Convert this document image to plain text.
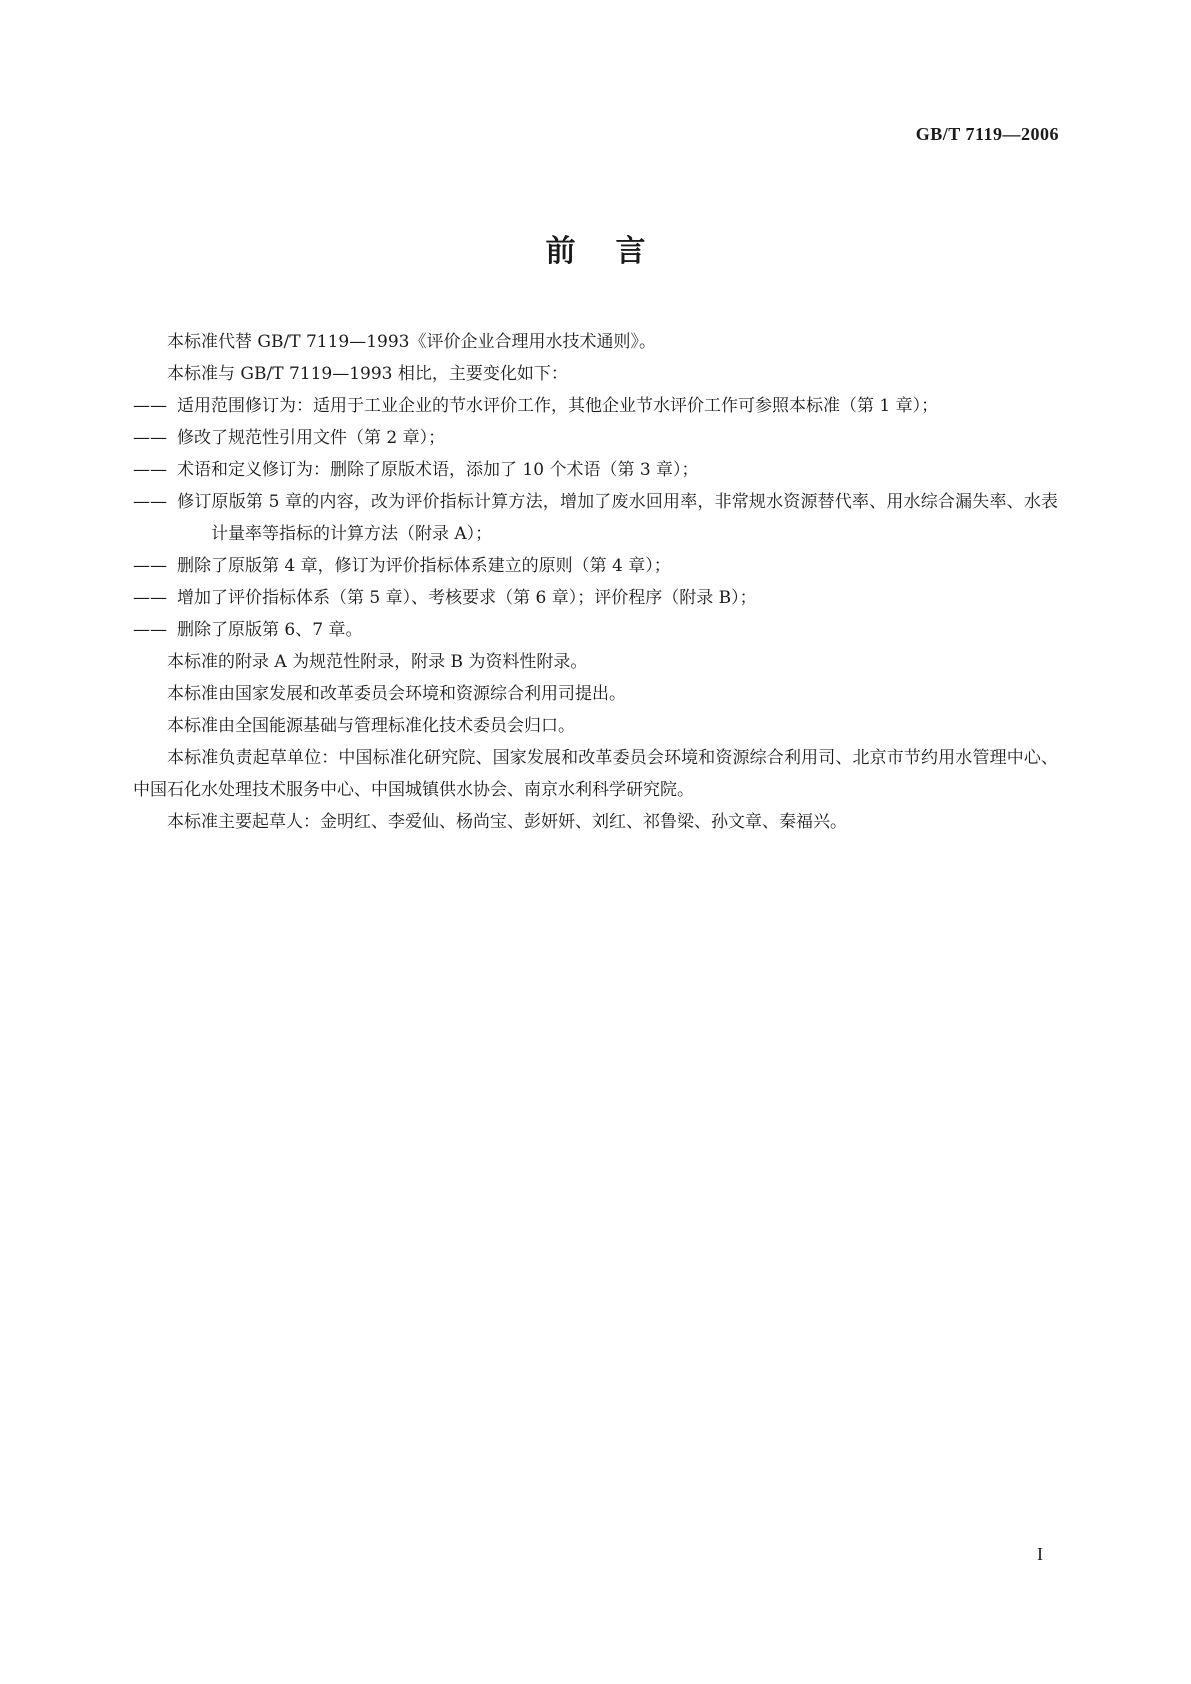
GB/T 7119—2006
前言

本标准代替 GB/T 7119—1993《评价企业合理用水技术通则》。

本标准与 GB/T 7119—1993 相比，主要变化如下：

—— 适用范围修订为：适用于工业企业的节水评价工作，其他企业节水评价工作可参照本标准（第 1 章）；

—— 修改了规范性引用文件（第 2 章）；

—— 术语和定义修订为：删除了原版术语，添加了 10 个术语（第 3 章）；

—— 修订原版第 5 章的内容，改为评价指标计算方法，增加了废水回用率，非常规水资源替代率、用水综合漏失率、水表计量率等指标的计算方法（附录 A）；

—— 删除了原版第 4 章，修订为评价指标体系建立的原则（第 4 章）；

—— 增加了评价指标体系（第 5 章）、考核要求（第 6 章）；评价程序（附录 B）；

—— 删除了原版第 6、7 章。

本标准的附录 A 为规范性附录，附录 B 为资料性附录。

本标准由国家发展和改革委员会环境和资源综合利用司提出。

本标准由全国能源基础与管理标准化技术委员会归口。

本标准负责起草单位：中国标准化研究院、国家发展和改革委员会环境和资源综合利用司、北京市节约用水管理中心、中国石化水处理技术服务中心、中国城镇供水协会、南京水利科学研究院。

本标准主要起草人：金明红、李爱仙、杨尚宝、彭妍妍、刘红、祁鲁梁、孙文章、秦福兴。

I
